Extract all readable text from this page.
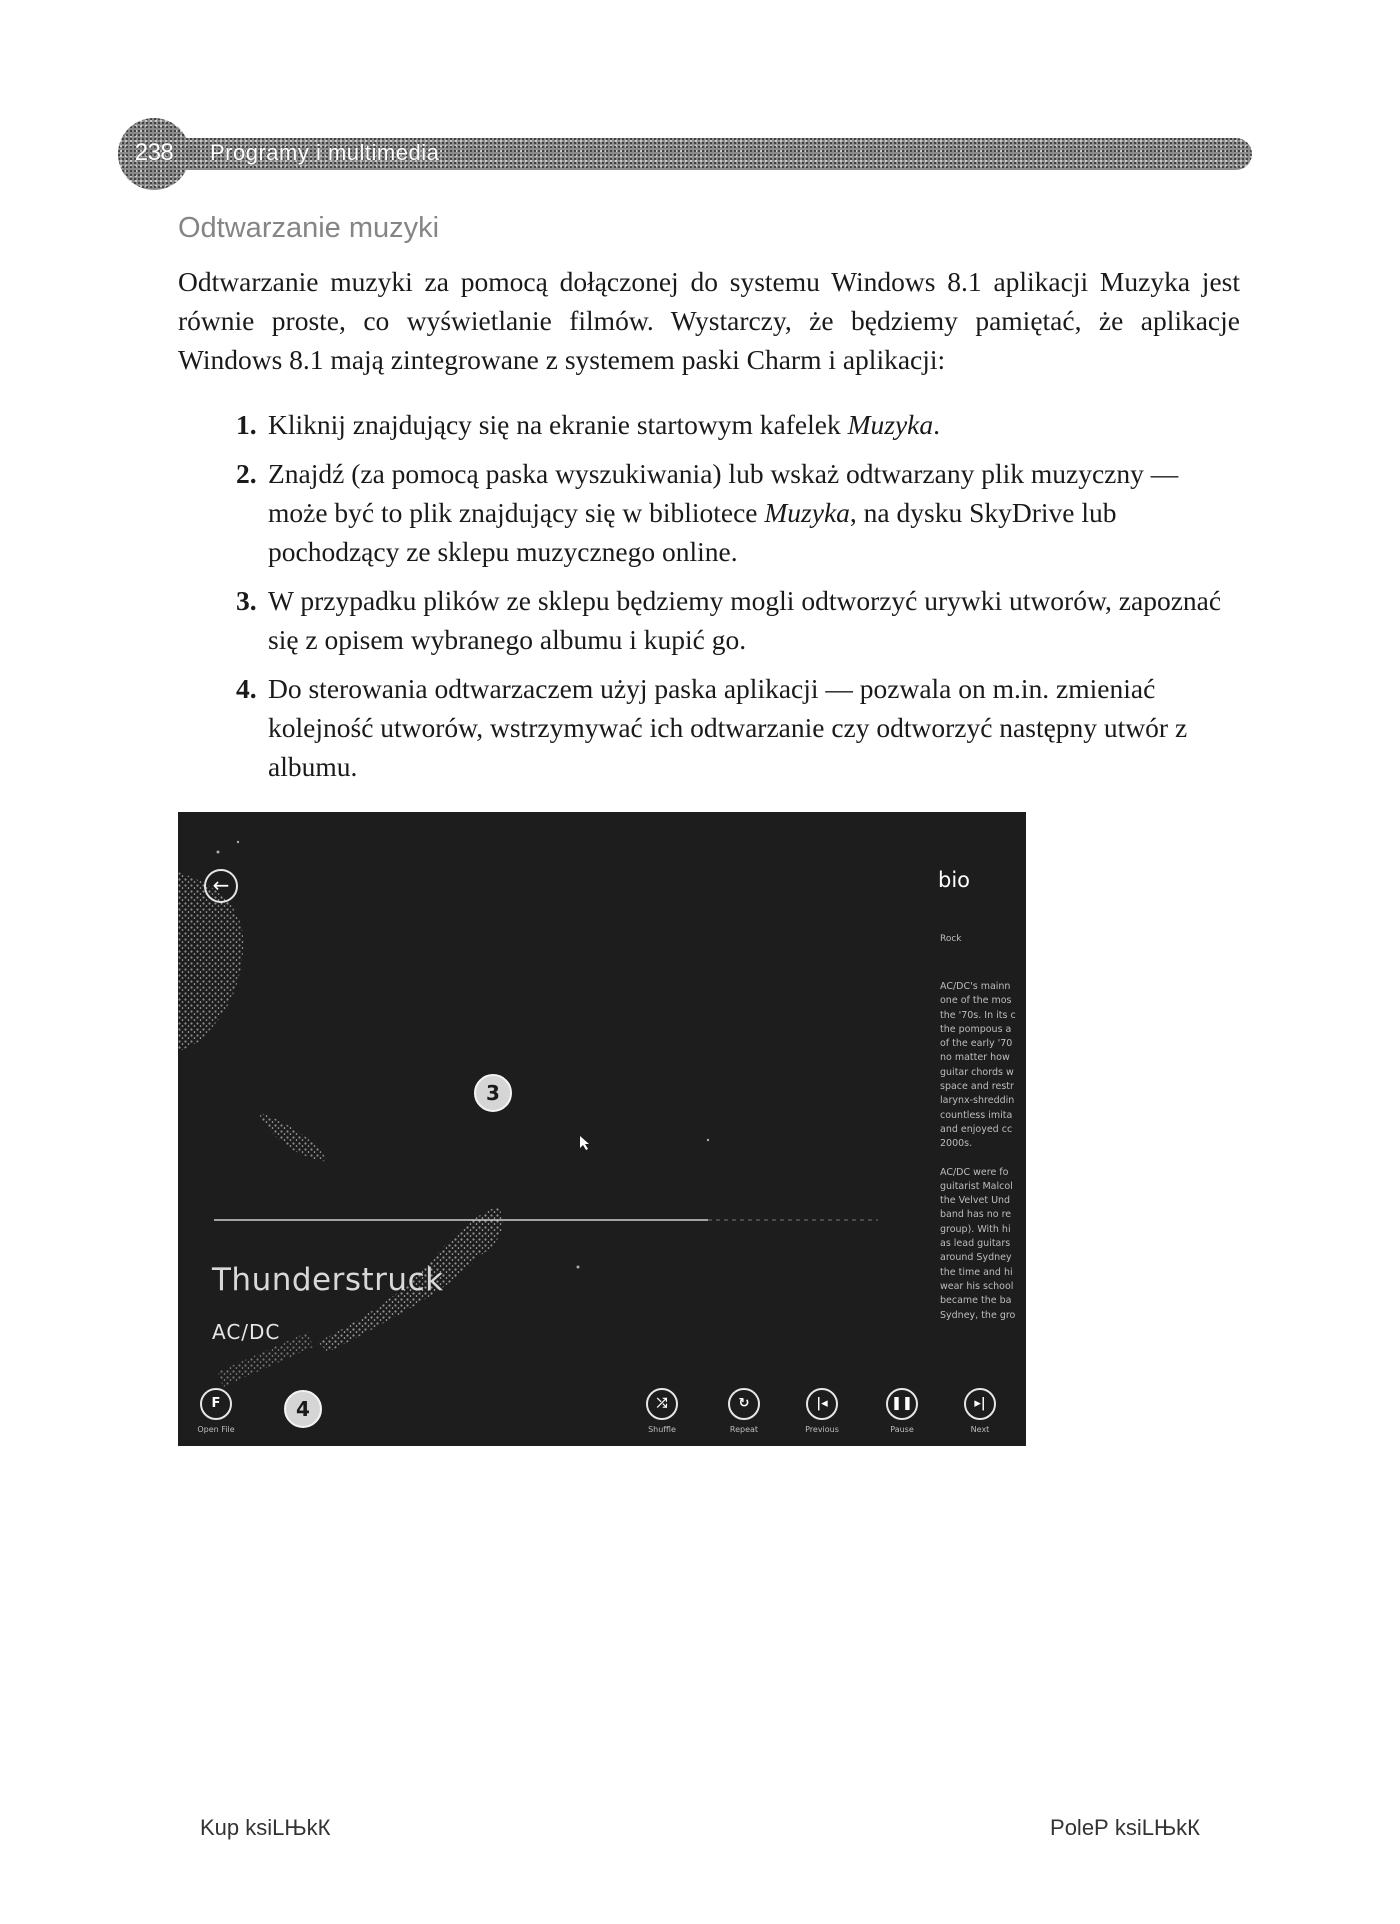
238	Programy i multimedia
Odtwarzanie muzyki

Odtwarzanie muzyki za pomocą dołączonej do systemu Windows 8.1 aplikacji Muzyka jest równie proste, co wyświetlanie filmów. Wystarczy, że będziemy pamiętać, że aplikacje Windows 8.1 mają zintegrowane z systemem paski Charm i aplikacji:

1. Kliknij znajdujący się na ekranie startowym kafelek Muzyka.
2. Znajdź (za pomocą paska wyszukiwania) lub wskaż odtwarzany plik muzyczny — może być to plik znajdujący się w bibliotece Muzyka, na dysku SkyDrive lub pochodzący ze sklepu muzycznego online.
3. W przypadku plików ze sklepu będziemy mogli odtworzyć urywki utworów, zapoznać się z opisem wybranego albumu i kupić go.
4. Do sterowania odtwarzaczem użyj paska aplikacji — pozwala on m.in. zmieniać kolejność utworów, wstrzymywać ich odtwarzanie czy odtworzyć następny utwór z albumu.
←
3
4
Thunderstruck
AC/DC
bio
Rock

AC/DC's mainn
one of the mos
the '70s. In its c
the pompous a
of the early '70
no matter how
guitar chords w
space and restr
larynx-shreddin
countless imita
and enjoyed cc
2000s.

AC/DC were fo
guitarist Malcol
the Velvet Und
band has no re
group). With hi
as lead guitars
around Sydney
the time and hi
wear his school
became the ba
Sydney, the gro

F
Open File
⤮
Shuffle
↻
Repeat
|◂
Previous
❚❚
Pause
▸|
Next
Kup ksiLЊkК	PoleР ksiLЊkК
